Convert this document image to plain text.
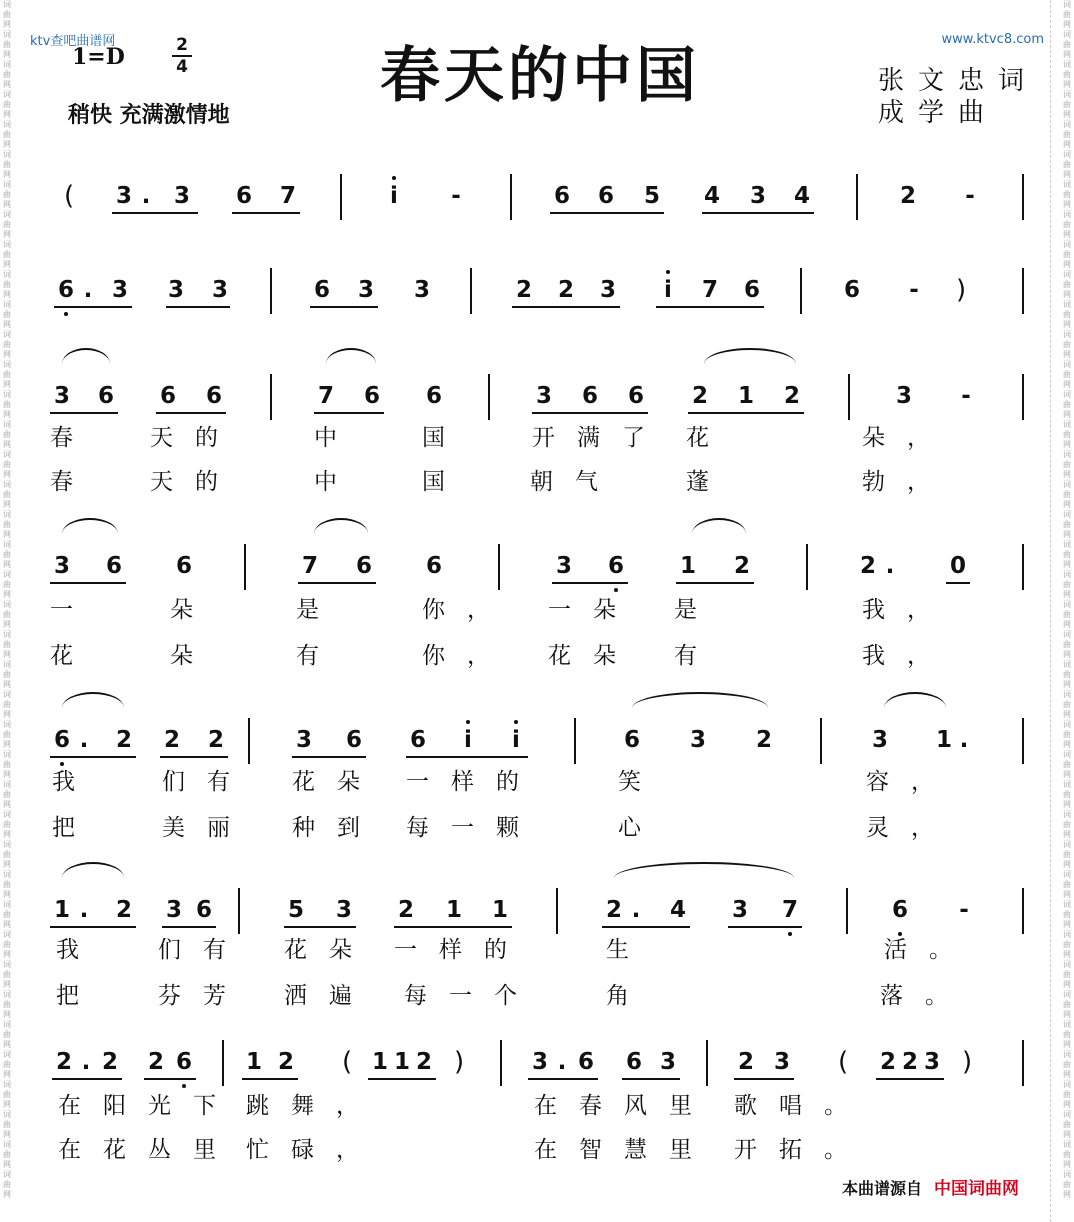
词曲网词曲网词曲网词曲网词曲网词曲网词曲网词曲网词曲网词曲网词曲网词曲网词曲网词曲网词曲网词曲网词曲网词曲网词曲网词曲网词曲网词曲网词曲网词曲网词曲网词曲网词曲网词曲网词曲网词曲网词曲网词曲网词曲网词曲网词曲网词曲网词曲网词曲网词曲网词曲网
词曲网词曲网词曲网词曲网词曲网词曲网词曲网词曲网词曲网词曲网词曲网词曲网词曲网词曲网词曲网词曲网词曲网词曲网词曲网词曲网词曲网词曲网词曲网词曲网词曲网词曲网词曲网词曲网词曲网词曲网词曲网词曲网词曲网词曲网词曲网词曲网词曲网词曲网词曲网词曲网
ktv查吧曲谱网	www.ktvc8.com
1=D	2
4	春天的中国
稍快 充满激情地
张文忠词
成学曲
3 . 3 6 7	i	-	6 6 5 4 3 4	2 -
(
6 . 3 3 3	6 3 3	2 2 3	i	7 6	6 - )
3 6 6 6	7 6 6	3 6 6 2 1 2	3 -
3 6 6	7 6 6	3 6 1 2	2 . 0
6 . 2 2 2	3 6 6	i	i	6 3 2	3 1 .
1 . 2 3 6	5 3 2 1 1	2 . 4 3 7	6 -
2 . 2 2 6 1 2	1 1 2	3 . 6 6 3	2 3	2 2 3
(	)	(	)
春	天的	中	国	开满了 花	朵，
春	天的	中	国	朝气	蓬	勃，
一	朵	是	你， 一朵 是	我，
花	朵	有	你， 花朵 有	我，
我	们有 花朵 一样的	笑	容，
把	美丽 种到 每一颗	心	灵，
我	们有 花朵 一样的	生	活。
把	芬芳 洒遍 每一个	角	落。
在阳光下 跳舞，	在春风里 歌唱。
在花丛里 忙碌，	在智慧里 开拓。
本曲谱源自 中国词曲网
